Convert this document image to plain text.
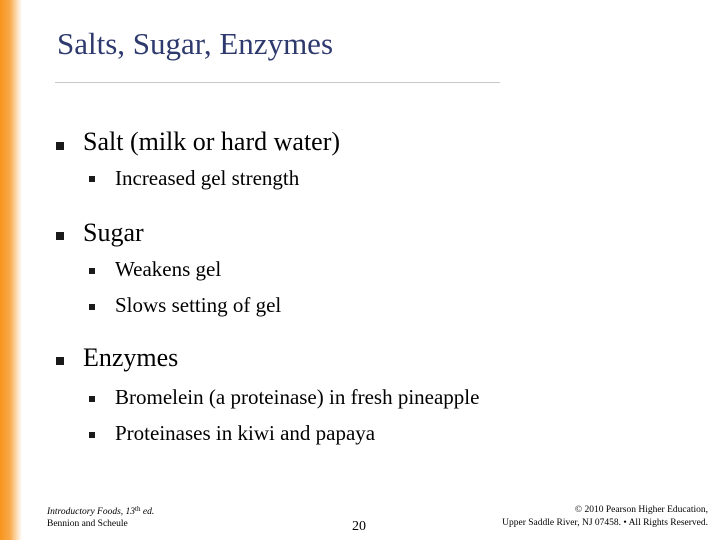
Salts, Sugar, Enzymes
Salt (milk or hard water)
Increased gel strength
Sugar
Weakens gel
Slows setting of gel
Enzymes
Bromelein (a proteinase) in fresh pineapple
Proteinases in kiwi and papaya
Introductory Foods, 13th ed.
Bennion and Scheule	20
© 2010 Pearson Higher Education,
Upper Saddle River, NJ 07458. • All Rights Reserved.
